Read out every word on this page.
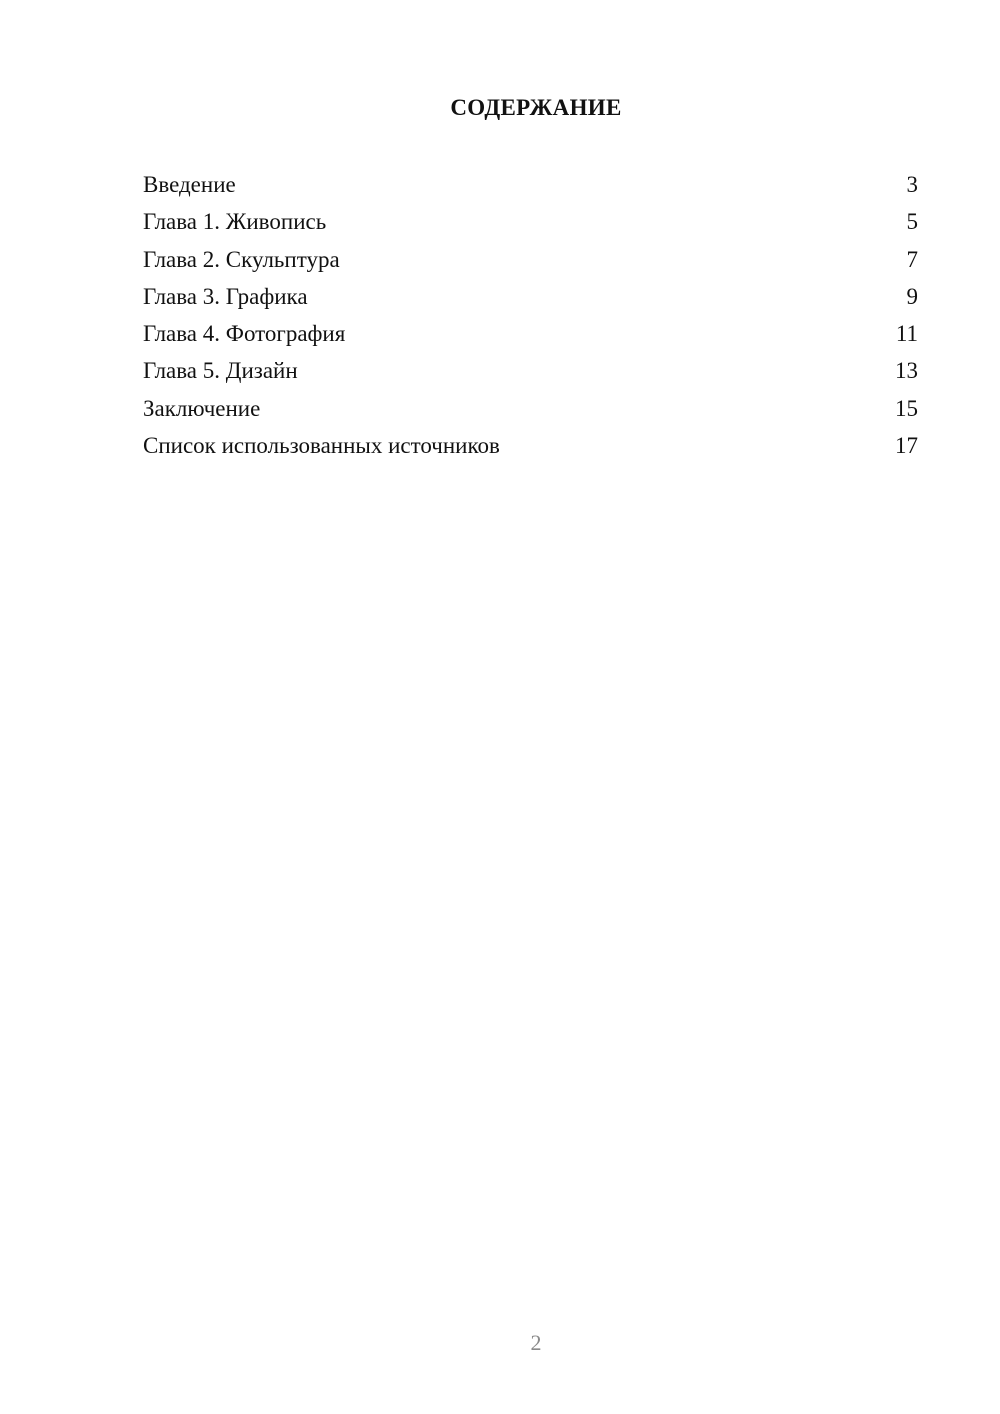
СОДЕРЖАНИЕ
Введение	3
Глава 1. Живопись	5
Глава 2. Скульптура	7
Глава 3. Графика	9
Глава 4. Фотография	11
Глава 5. Дизайн	13
Заключение	15
Список использованных источников	17
2
